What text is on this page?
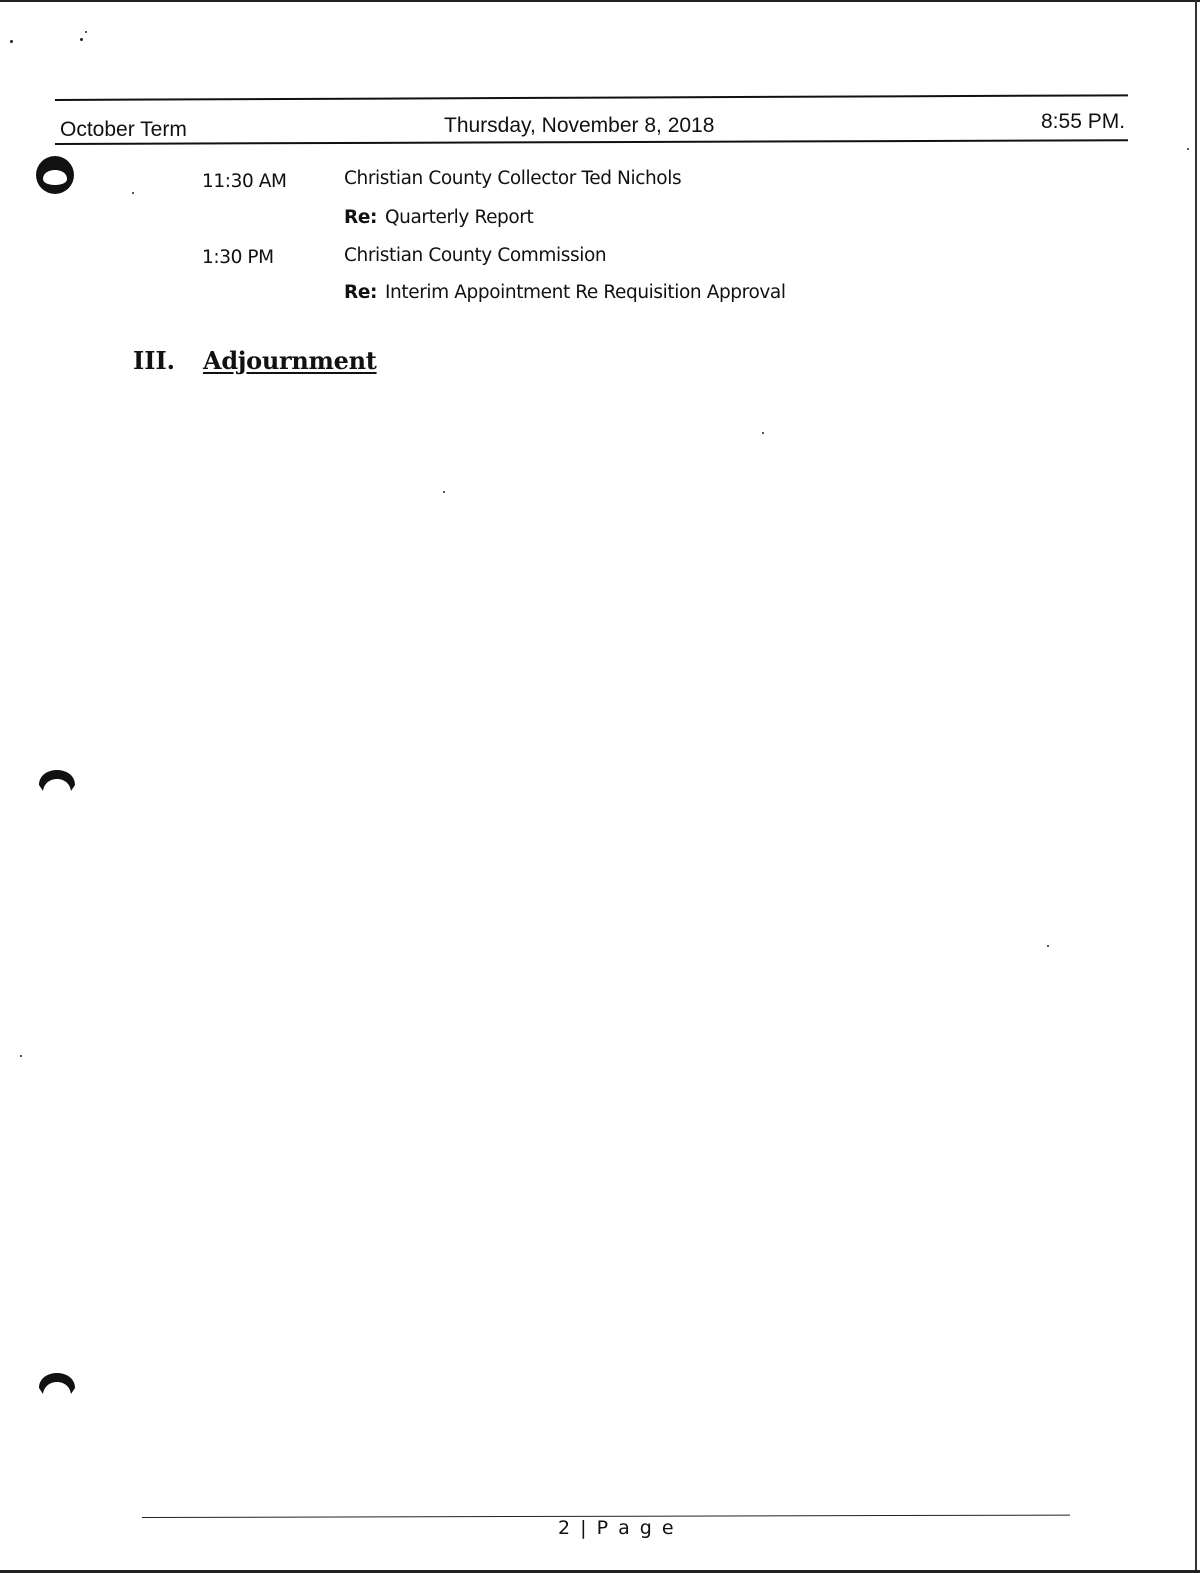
October Term	Thursday, November 8, 2018	8:55 PM.
11:30 AM	Christian County Collector Ted Nichols
Re: Quarterly Report
1:30 PM	Christian County Commission
Re: Interim Appointment Re Requisition Approval
III. Adjournment
2 | P a g e
